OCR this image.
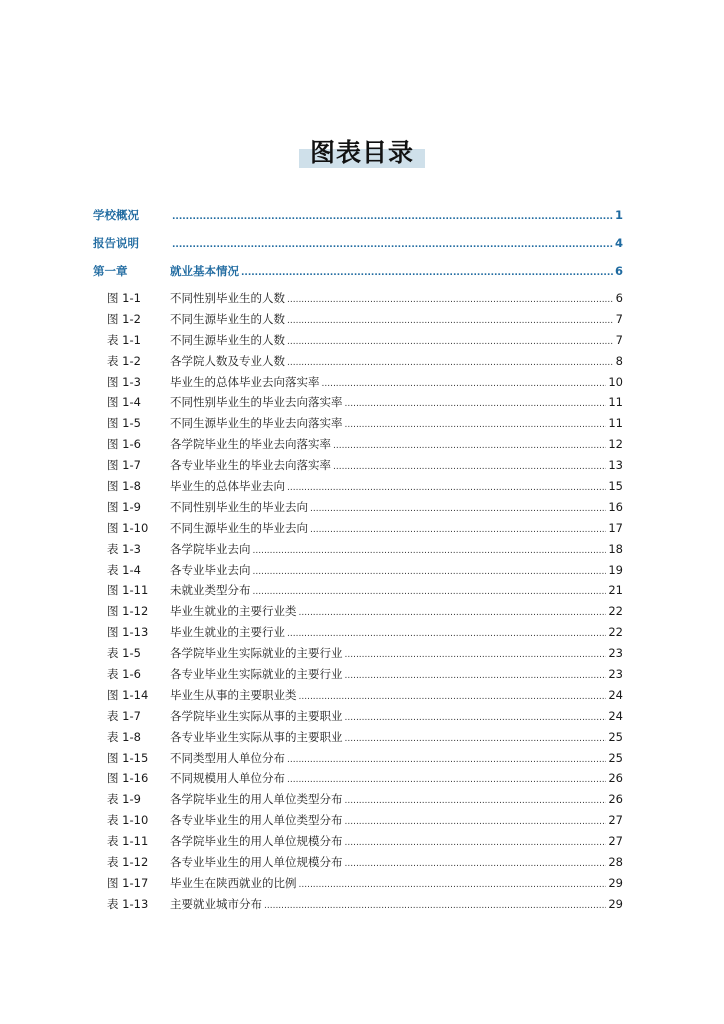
图表目录
学校概况 .....	1
报告说明 .....	4
第一章	就业基本情况 .....	6
图 1-1	不同性别毕业生的人数 .....	6
图 1-2	不同生源毕业生的人数 .....	7
表 1-1	不同生源毕业生的人数 .....	7
表 1-2	各学院人数及专业人数 .....	8
图 1-3	毕业生的总体毕业去向落实率 .....	10
图 1-4	不同性别毕业生的毕业去向落实率 .....	11
图 1-5	不同生源毕业生的毕业去向落实率 .....	11
图 1-6	各学院毕业生的毕业去向落实率 .....	12
图 1-7	各专业毕业生的毕业去向落实率 .....	13
图 1-8	毕业生的总体毕业去向 .....	15
图 1-9	不同性别毕业生的毕业去向 .....	16
图 1-10	不同生源毕业生的毕业去向 .....	17
表 1-3	各学院毕业去向 .....	18
表 1-4	各专业毕业去向 .....	19
图 1-11	未就业类型分布 .....	21
图 1-12	毕业生就业的主要行业类 .....	22
图 1-13	毕业生就业的主要行业 .....	22
表 1-5	各学院毕业生实际就业的主要行业 .....	23
表 1-6	各专业毕业生实际就业的主要行业 .....	23
图 1-14	毕业生从事的主要职业类 .....	24
表 1-7	各学院毕业生实际从事的主要职业 .....	24
表 1-8	各专业毕业生实际从事的主要职业 .....	25
图 1-15	不同类型用人单位分布 .....	25
图 1-16	不同规模用人单位分布 .....	26
表 1-9	各学院毕业生的用人单位类型分布 .....	26
表 1-10	各专业毕业生的用人单位类型分布 .....	27
表 1-11	各学院毕业生的用人单位规模分布 .....	27
表 1-12	各专业毕业生的用人单位规模分布 .....	28
图 1-17	毕业生在陕西就业的比例 .....	29
表 1-13	主要就业城市分布 .....	29
